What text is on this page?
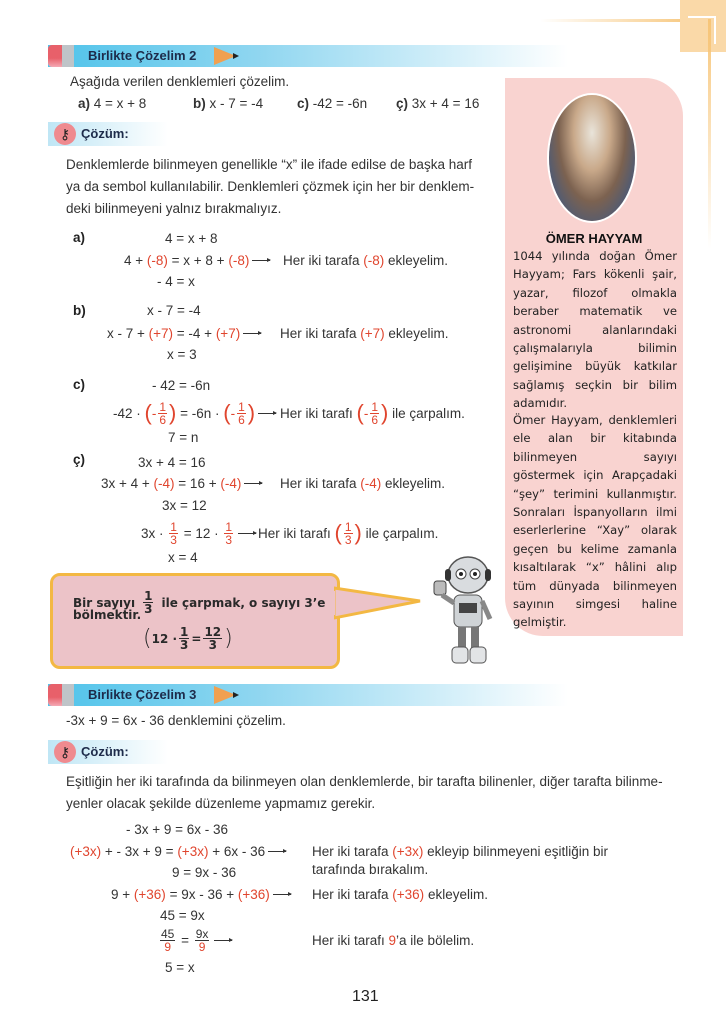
Birlikte Çözelim 2
Aşağıda verilen denklemleri çözelim.
a) 4 = x + 8	b) x - 7 = -4	c) -42 = -6n ç) 3x + 4 = 16
⚷ Çözüm:
Denklemlerde bilinmeyen genellikle “x” ile ifade edilse de başka harf
ya da sembol kullanılabilir. Denklemleri çözmek için her bir denklem-
deki bilinmeyeni yalnız bırakmalıyız.
a)
b)
c)
ç)
4 = x + 8
4 + (-8) = x + 8 + (-8) Her iki tarafa (-8) ekleyelim.
- 4 = x
x - 7 = -4
x - 7 + (+7) = -4 + (+7)	Her iki tarafa (+7) ekleyelim.
x = 3
- 42 = -6n
-42 · ( - $\frac{1}{6}$ ) = -6n · ( - $\frac{1}{6}$ ) Her iki tarafı ( - $\frac{1}{6}$ ) ile çarpalım.
7 = n
3x + 4 = 16
3x + 4 + (-4) = 16 + (-4)	Her iki tarafa (-4) ekleyelim.
3x = 12
$3x \cdot \frac{1}{3} = 12 \cdot \frac{1}{3}$ Her iki tarafı ( $\frac{1}{3}$ ) ile çarpalım.
x = 4
ÖMER HAYYAM
1044 yılında doğan Ömer Hayyam; Fars kökenli şair, yazar, filozof olmakla beraber matematik ve astronomi alanlarındaki çalışmalarıyla bilimin gelişimine büyük katkılar sağlamış seçkin bir bilim adamıdır.
Ömer Hayyam, denklemleri ele alan bir kitabında bilinmeyen sayıyı göstermek için Arapçadaki “şey” terimini kullanmıştır. Sonraları İspanyolların ilmi eserlerlerine “Xay” olarak geçen bu kelime zamanla kısaltılarak “x” hâlini alıp tüm dünyada bilinmeyen sayının simgesi haline gelmiştir.
Bir sayıyı $\frac{1}{3}$ ile çarpmak, o sayıyı 3’e
bölmektir.
( $12 \cdot \frac{1}{3} = \frac{12}{3}$ )
Birlikte Çözelim 3
-3x + 9 = 6x - 36 denklemini çözelim.
⚷ Çözüm:
Eşitliğin her iki tarafında da bilinmeyen olan denklemlerde, bir tarafta bilinenler, diğer tarafta bilinme-
yenler olacak şekilde düzenleme yapmamız gerekir.
- 3x + 9 = 6x - 36
(+3x) + - 3x + 9 = (+3x) + 6x - 36	Her iki tarafa (+3x) ekleyip bilinmeyeni eşitliğin bir
tarafında bırakalım.
9 = 9x - 36
9 + (+36) = 9x - 36 + (+36)	Her iki tarafa (+36) ekleyelim.
45 = 9x
$\frac{45}{9} = \frac{9x}{9}$	Her iki tarafı 9 ’a ile bölelim.
5 = x
131
